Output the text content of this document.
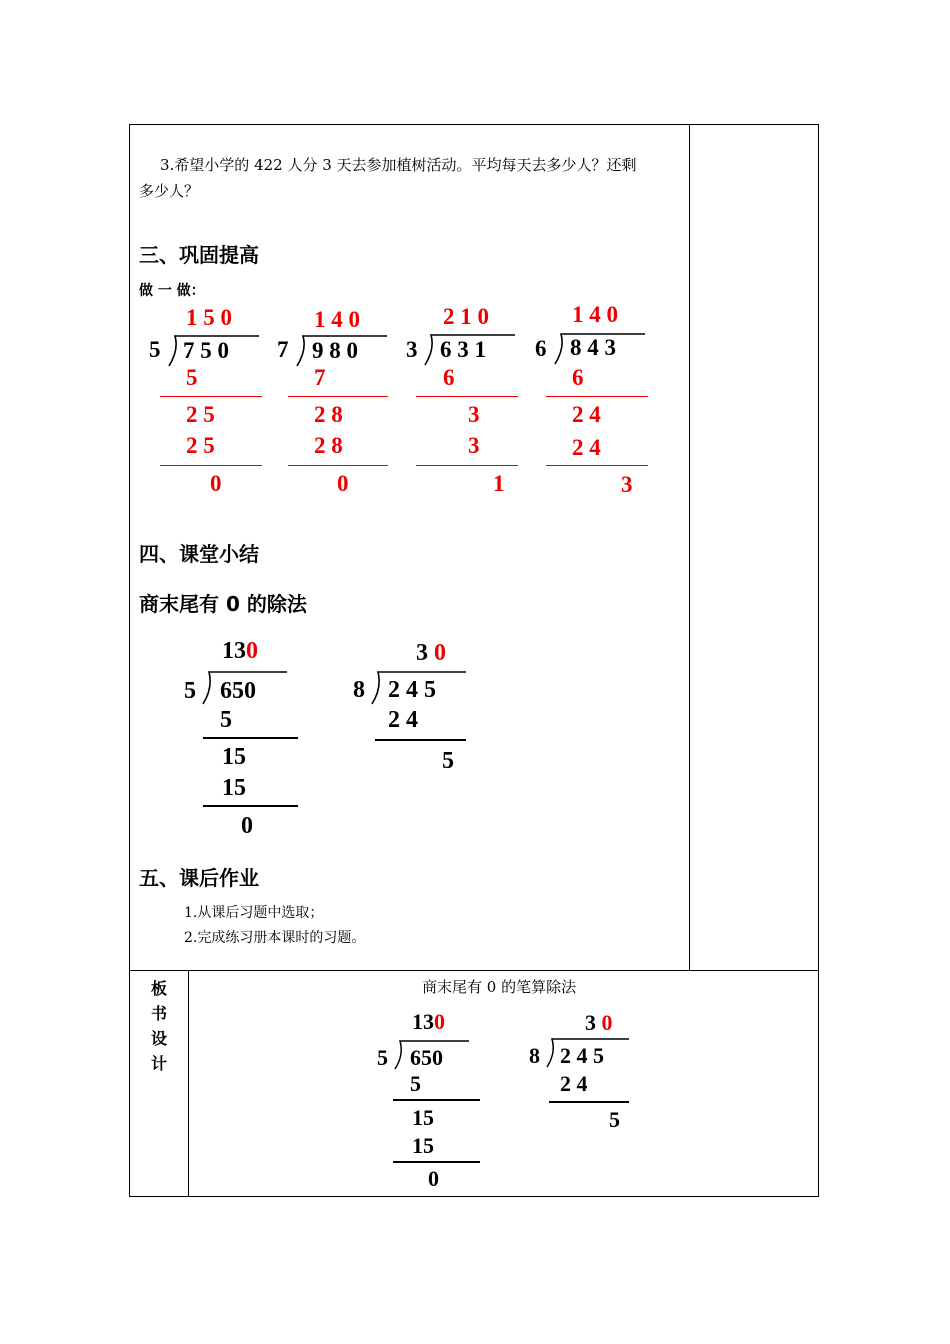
3.希望小学的 422 人分 3 天去参加植树活动。平均每天去多少人？还剩
多少人？
三、巩固提高
做 一 做：
1 5 0
5 7 5 0
5
2 5
2 5
0
1 4 0
7 9 8 0
7
2 8
2 8
0
2 1 0
3 6 3 1
6
3
3
1
1 4 0
6 8 4 3
6
2 4
2 4
3
四、课堂小结
商末尾有 0 的除法
130
5 650
5
15
15
0
3 0
8 2 4 5
2 4
5
五、课后作业
1.从课后习题中选取；
2.完成练习册本课时的习题。
板
书
设
计
商末尾有 0 的笔算除法
130
5 650
5
15
15
0
3 0
8 2 4 5
2 4
5
